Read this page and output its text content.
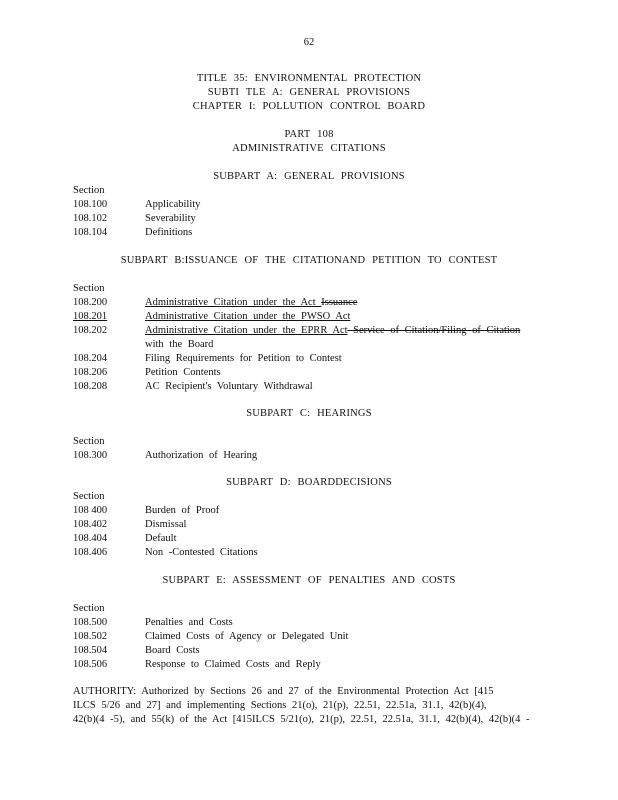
62
TITLE 35: ENVIRONMENTAL PROTECTION
SUBTI TLE A: GENERAL PROVISIONS
CHAPTER I: POLLUTION CONTROL BOARD
PART 108
ADMINISTRATIVE CITATIONS
SUBPART A: GENERAL PROVISIONS
Section
108.100	Applicability
108.102	Severability
108.104	Definitions
SUBPART B:ISSUANCE OF THE CITATIONAND PETITION TO CONTEST
Section
108.200	Administrative Citation under the Act Issuance
108.201	Administrative Citation under the PWSO Act
108.202	Administrative Citation under the EPRR Act Service of Citation/Filing of Citation
with the Board
108.204	Filing Requirements for Petition to Contest
108.206	Petition Contents
108.208	AC Recipient's Voluntary Withdrawal
SUBPART C: HEARINGS
Section
108.300	Authorization of Hearing
SUBPART D: BOARDDECISIONS
Section
108 400	Burden of Proof
108.402	Dismissal
108.404	Default
108.406	Non -Contested Citations
SUBPART E: ASSESSMENT OF PENALTIES AND COSTS
Section
108.500	Penalties and Costs
108.502	Claimed Costs of Agency or Delegated Unit
108.504	Board Costs
108.506	Response to Claimed Costs and Reply
AUTHORITY: Authorized by Sections 26 and 27 of the Environmental Protection Act [415
ILCS 5/26 and 27] and implementing Sections 21(o), 21(p), 22.51, 22.51a, 31.1, 42(b)(4),
42(b)(4 -5), and 55(k) of the Act [415ILCS 5/21(o), 21(p), 22.51, 22.51a, 31.1, 42(b)(4), 42(b)(4 -
